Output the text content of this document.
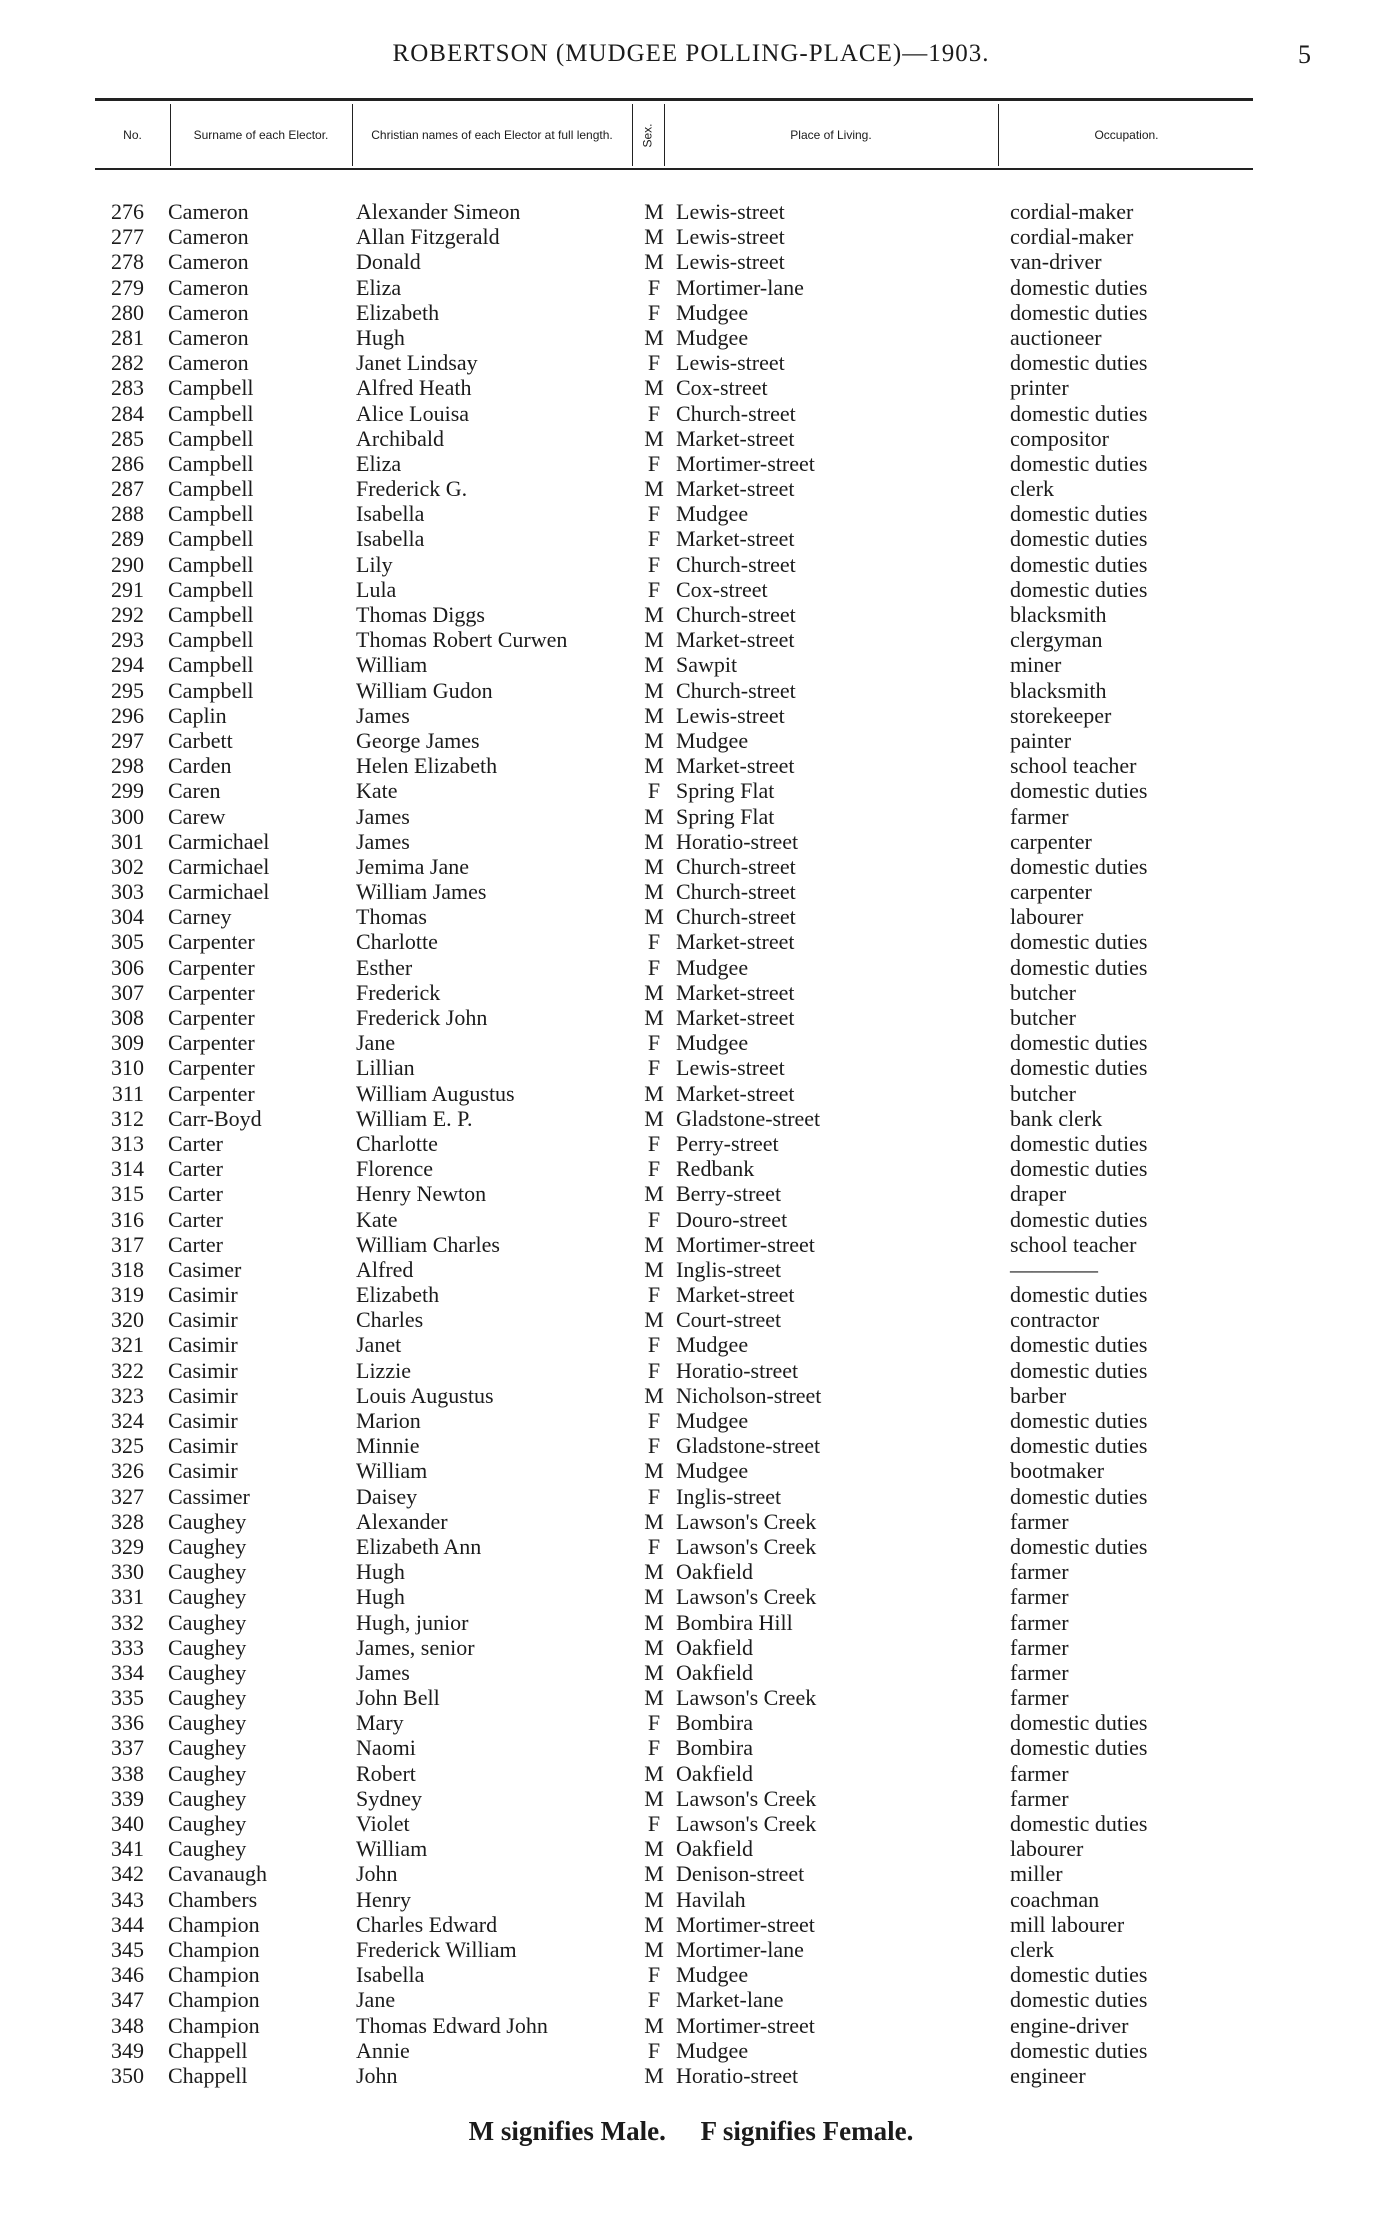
ROBERTSON (MUDGEE POLLING-PLACE)—1903.	5
No.	Surname of each Elector.	Christian names of each Elector at full length.	Sex.	Place of Living.	Occupation.
276 Cameron	Alexander Simeon	M Lewis-street	cordial-maker
277 Cameron	Allan Fitzgerald	M Lewis-street	cordial-maker
278 Cameron	Donald	M Lewis-street	van-driver
279 Cameron	Eliza	F Mortimer-lane	domestic duties
280 Cameron	Elizabeth	F Mudgee	domestic duties
281 Cameron	Hugh	M Mudgee	auctioneer
282 Cameron	Janet Lindsay	F Lewis-street	domestic duties
283 Campbell	Alfred Heath	M Cox-street	printer
284 Campbell	Alice Louisa	F Church-street	domestic duties
285 Campbell	Archibald	M Market-street	compositor
286 Campbell	Eliza	F Mortimer-street	domestic duties
287 Campbell	Frederick G.	M Market-street	clerk
288 Campbell	Isabella	F Mudgee	domestic duties
289 Campbell	Isabella	F Market-street	domestic duties
290 Campbell	Lily	F Church-street	domestic duties
291 Campbell	Lula	F Cox-street	domestic duties
292 Campbell	Thomas Diggs	M Church-street	blacksmith
293 Campbell	Thomas Robert Curwen	M Market-street	clergyman
294 Campbell	William	M Sawpit	miner
295 Campbell	William Gudon	M Church-street	blacksmith
296 Caplin	James	M Lewis-street	storekeeper
297 Carbett	George James	M Mudgee	painter
298 Carden	Helen Elizabeth	M Market-street	school teacher
299 Caren	Kate	F Spring Flat	domestic duties
300 Carew	James	M Spring Flat	farmer
301 Carmichael	James	M Horatio-street	carpenter
302 Carmichael	Jemima Jane	M Church-street	domestic duties
303 Carmichael	William James	M Church-street	carpenter
304 Carney	Thomas	M Church-street	labourer
305 Carpenter	Charlotte	F Market-street	domestic duties
306 Carpenter	Esther	F Mudgee	domestic duties
307 Carpenter	Frederick	M Market-street	butcher
308 Carpenter	Frederick John	M Market-street	butcher
309 Carpenter	Jane	F Mudgee	domestic duties
310 Carpenter	Lillian	F Lewis-street	domestic duties
311 Carpenter	William Augustus	M Market-street	butcher
312 Carr-Boyd	William E. P.	M Gladstone-street	bank clerk
313 Carter	Charlotte	F Perry-street	domestic duties
314 Carter	Florence	F Redbank	domestic duties
315 Carter	Henry Newton	M Berry-street	draper
316 Carter	Kate	F Douro-street	domestic duties
317 Carter	William Charles	M Mortimer-street	school teacher
318 Casimer	Alfred	M Inglis-street	————
319 Casimir	Elizabeth	F Market-street	domestic duties
320 Casimir	Charles	M Court-street	contractor
321 Casimir	Janet	F Mudgee	domestic duties
322 Casimir	Lizzie	F Horatio-street	domestic duties
323 Casimir	Louis Augustus	M Nicholson-street	barber
324 Casimir	Marion	F Mudgee	domestic duties
325 Casimir	Minnie	F Gladstone-street	domestic duties
326 Casimir	William	M Mudgee	bootmaker
327 Cassimer	Daisey	F Inglis-street	domestic duties
328 Caughey	Alexander	M Lawson's Creek	farmer
329 Caughey	Elizabeth Ann	F Lawson's Creek	domestic duties
330 Caughey	Hugh	M Oakfield	farmer
331 Caughey	Hugh	M Lawson's Creek	farmer
332 Caughey	Hugh, junior	M Bombira Hill	farmer
333 Caughey	James, senior	M Oakfield	farmer
334 Caughey	James	M Oakfield	farmer
335 Caughey	John Bell	M Lawson's Creek	farmer
336 Caughey	Mary	F Bombira	domestic duties
337 Caughey	Naomi	F Bombira	domestic duties
338 Caughey	Robert	M Oakfield	farmer
339 Caughey	Sydney	M Lawson's Creek	farmer
340 Caughey	Violet	F Lawson's Creek	domestic duties
341 Caughey	William	M Oakfield	labourer
342 Cavanaugh	John	M Denison-street	miller
343 Chambers	Henry	M Havilah	coachman
344 Champion	Charles Edward	M Mortimer-street	mill labourer
345 Champion	Frederick William	M Mortimer-lane	clerk
346 Champion	Isabella	F Mudgee	domestic duties
347 Champion	Jane	F Market-lane	domestic duties
348 Champion	Thomas Edward John	M Mortimer-street	engine-driver
349 Chappell	Annie	F Mudgee	domestic duties
350 Chappell	John	M Horatio-street	engineer
M signifies Male. F signifies Female.
